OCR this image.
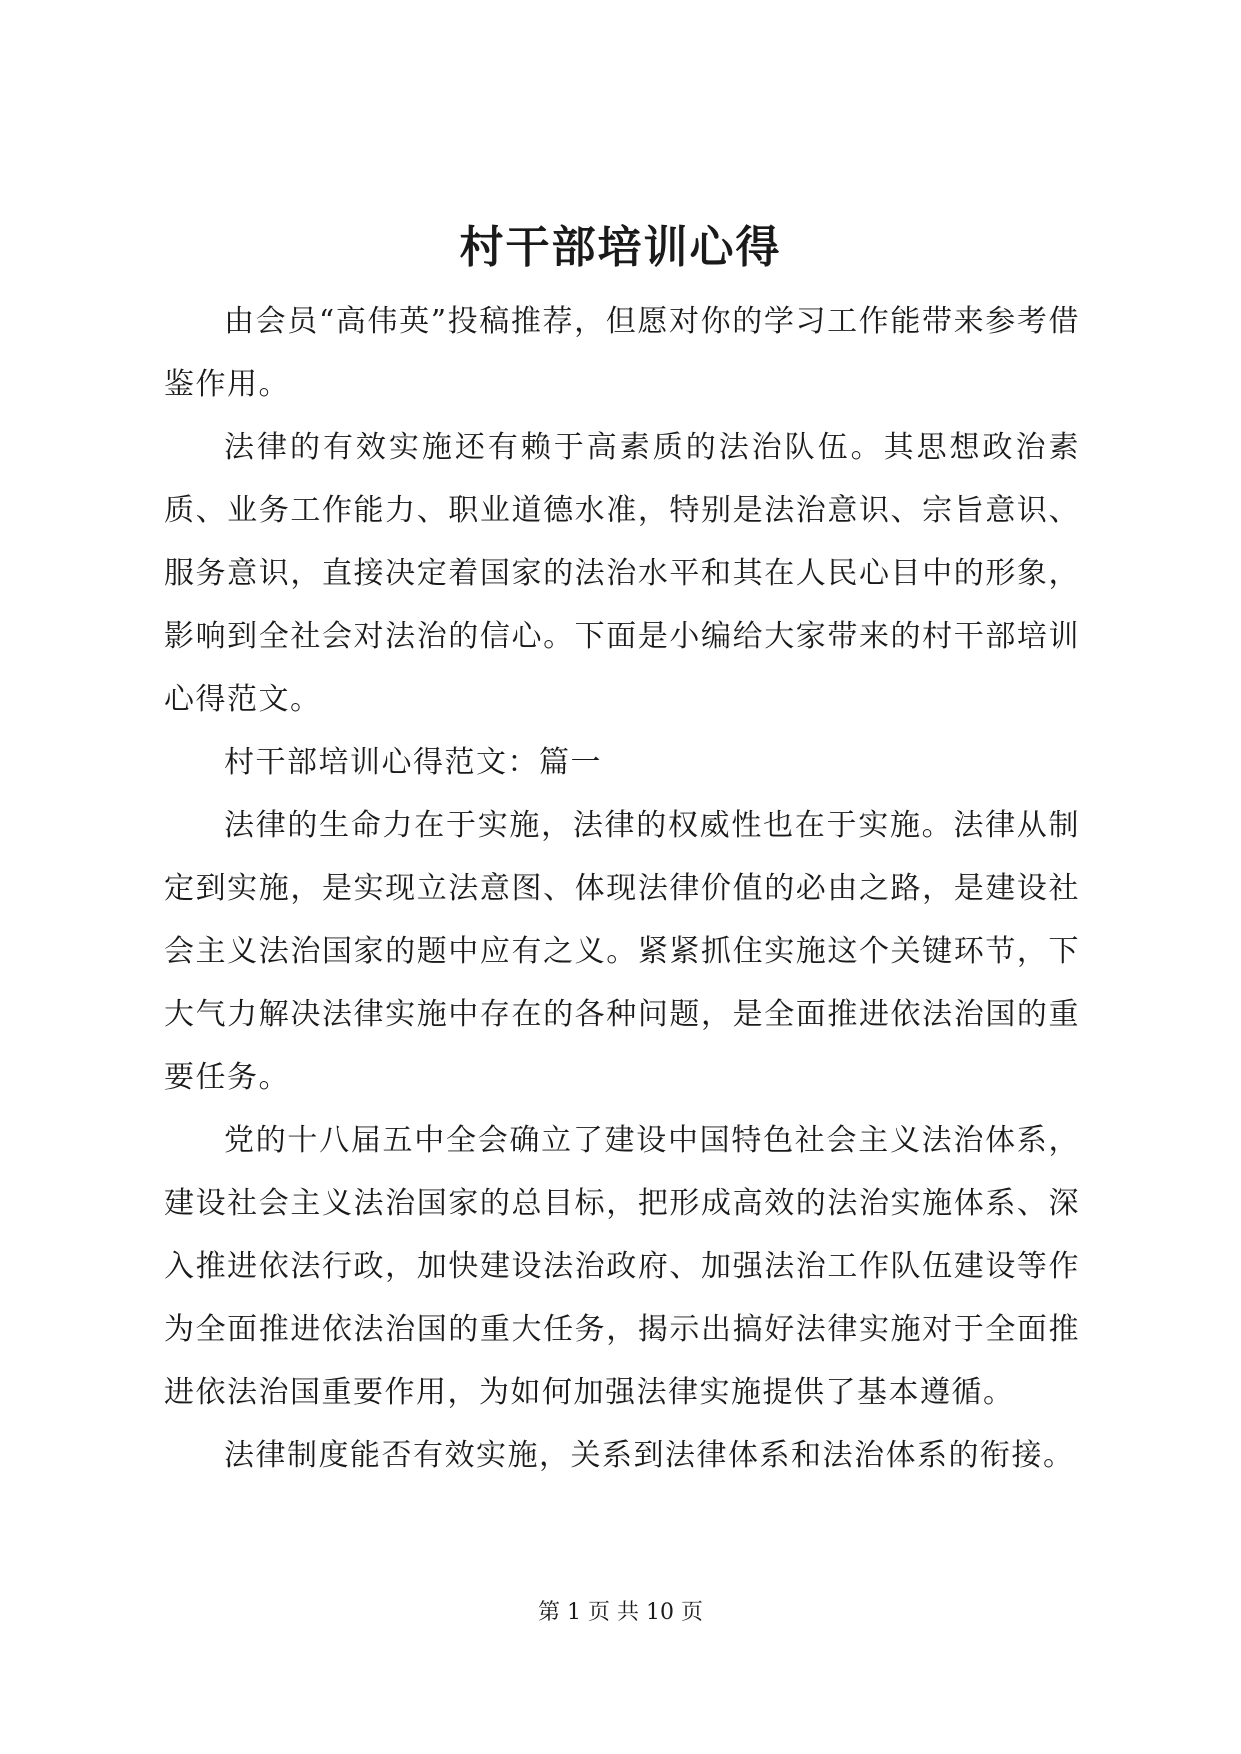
村干部培训心得

由会员“高伟英”投稿推荐，但愿对你的学习工作能带来参考借鉴作用。

法律的有效实施还有赖于高素质的法治队伍。其思想政治素质、业务工作能力、职业道德水准，特别是法治意识、宗旨意识、服务意识，直接决定着国家的法治水平和其在人民心目中的形象，影响到全社会对法治的信心。下面是小编给大家带来的村干部培训心得范文。

村干部培训心得范文：篇一

法律的生命力在于实施，法律的权威性也在于实施。法律从制定到实施，是实现立法意图、体现法律价值的必由之路，是建设社会主义法治国家的题中应有之义。紧紧抓住实施这个关键环节，下大气力解决法律实施中存在的各种问题，是全面推进依法治国的重要任务。

党的十八届五中全会确立了建设中国特色社会主义法治体系，建设社会主义法治国家的总目标，把形成高效的法治实施体系、深入推进依法行政，加快建设法治政府、加强法治工作队伍建设等作为全面推进依法治国的重大任务，揭示出搞好法律实施对于全面推进依法治国重要作用，为如何加强法律实施提供了基本遵循。

法律制度能否有效实施，关系到法律体系和法治体系的衔接。

第 1 页 共 10 页
